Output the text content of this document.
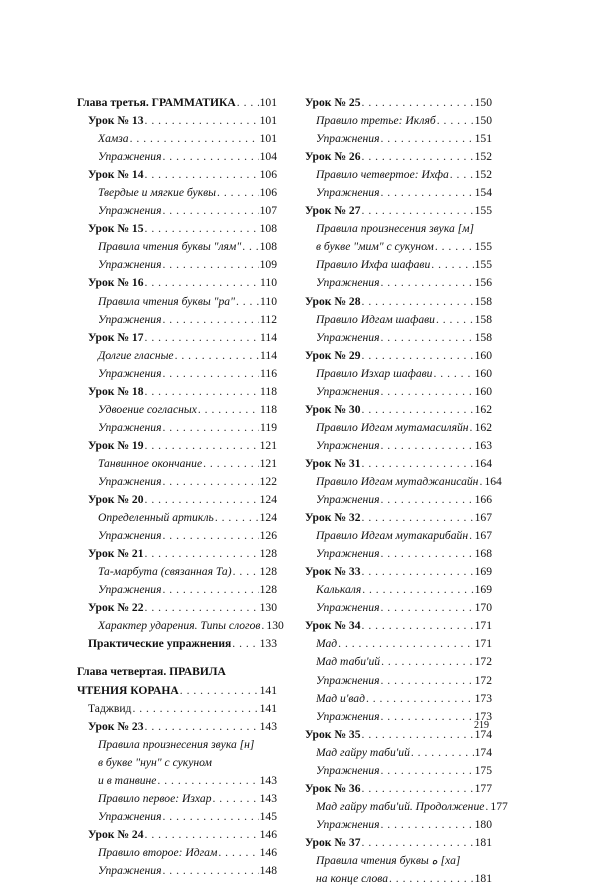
Глава третья. ГРАММАТИКА . . . 101
Урок № 13 . . .	101
Хамза . . .	101
Упражнения . . .	104
Урок № 14 . . .	106
Твердые и мягкие буквы . . .	106
Упражнения . . .	107
Урок № 15 . . .	108
Правила чтения буквы "лям" . . . 108
Упражнения . . .	109
Урок № 16 . . .	110
Правила чтения буквы "ра" . . . 110
Упражнения . . .	112
Урок № 17 . . .	114
Долгие гласные . . .	114
Упражнения . . .	116
Урок № 18 . . .	118
Удвоение согласных . . .	118
Упражнения . . .	119
Урок № 19 . . .	121
Танвинное окончание . . .	121
Упражнения . . .	122
Урок № 20 . . .	124
Определенный артикль . . .	124
Упражнения . . .	126
Урок № 21 . . .	128
Та-марбута (связанная Та) . . . 128
Упражнения . . .	128
Урок № 22 . . .	130
Характер ударения. Типы слогов . . . 130
Практические упражнения . . . 133
Глава четвертая. ПРАВИЛА
ЧТЕНИЯ КОРАНА . . .	141
Таджвид . . .	141
Урок № 23 . . .	143
Правила произнесения звука [н]
в букве "нун" с сукуном
и в танвине . . .	143
Правило первое: Изхар . . .	143
Упражнения . . .	145
Урок № 24 . . .	146
Правило второе: Идгам . . .	146
Упражнения . . .	148
Урок № 25 . . .	150
Правило третье: Икляб . . .	150
Упражнения . . .	151
Урок № 26 . . .	152
Правило четвертое: Ихфа . . . 152
Упражнения . . .	154
Урок № 27 . . .	155
Правила произнесения звука [м]
в букве "мим" с сукуном . . .	155
Правило Ихфа шафави . . .	155
Упражнения . . .	156
Урок № 28 . . .	158
Правило Идгам шафави . . .	158
Упражнения . . .	158
Урок № 29 . . .	160
Правило Изхар шафави . . .	160
Упражнения . . .	160
Урок № 30 . . .	162
Правило Идгам мутамасиляйн . . . 162
Упражнения . . .	163
Урок № 31 . . .	164
Правило Идгам мутаджанисайн . . . 164
Упражнения . . .	166
Урок № 32 . . .	167
Правило Идгам мутакарибайн . . . 167
Упражнения . . .	168
Урок № 33 . . .	169
Калькаля . . .	169
Упражнения . . .	170
Урок № 34 . . .	171
Мад . . .	171
Мад таби'ий . . .	172
Упражнения . . .	172
Мад и'вад . . .	173
Упражнения . . .	173
Урок № 35 . . .	174
Мад гайру таби'ий . . .	174
Упражнения . . .	175
Урок № 36 . . .	177
Мад гайру таби'ий. Продолжение . . . 177
Упражнения . . .	180
Урок № 37 . . .	181
Правила чтения буквы ه [ха]
на конце слова . . .	181
219
